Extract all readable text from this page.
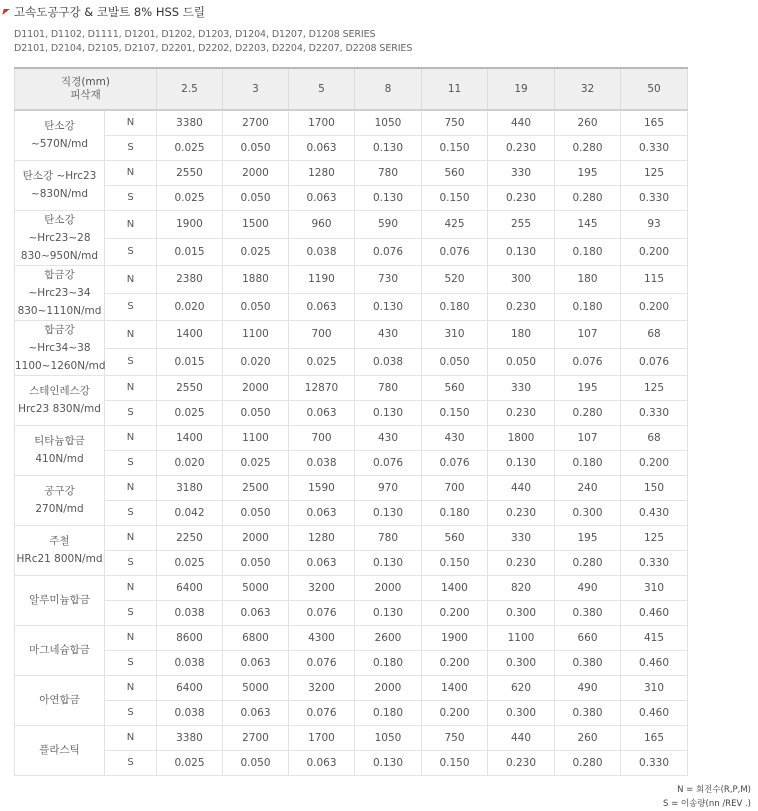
고속도공구강 & 코발트 8% HSS 드릴
D1101, D1102, D1111, D1201, D1202, D1203, D1204, D1207, D1208 SERIES
D2101, D2104, D2105, D2107, D2201, D2202, D2203, D2204, D2207, D2208 SERIES
직경(mm)
피삭재		2.5	3	5	8	11	19	32	50

탄소강
~570N/md	N	3380	2700	1700	1050	750	440	260	165
	S	0.025	0.050	0.063	0.130	0.150	0.230	0.280	0.330

탄소강 ~Hrc23
~830N/md	N	2550	2000	1280	780	560	330	195	125
	S	0.025	0.050	0.063	0.130	0.150	0.230	0.280	0.330

탄소강
~Hrc23~28
830~950N/md	N	1900	1500	960	590	425	255	145	93
	S	0.015	0.025	0.038	0.076	0.076	0.130	0.180	0.200

합금강
~Hrc23~34
830~1110N/md	N	2380	1880	1190	730	520	300	180	115
	S	0.020	0.050	0.063	0.130	0.180	0.230	0.180	0.200

합금강
~Hrc34~38
1100~1260N/md	N	1400	1100	700	430	310	180	107	68
	S	0.015	0.020	0.025	0.038	0.050	0.050	0.076	0.076

스테인레스강
Hrc23 830N/md	N	2550	2000	12870	780	560	330	195	125
	S	0.025	0.050	0.063	0.130	0.150	0.230	0.280	0.330

티타늄합금
410N/md	N	1400	1100	700	430	430	1800	107	68
	S	0.020	0.025	0.038	0.076	0.076	0.130	0.180	0.200

공구강
270N/md	N	3180	2500	1590	970	700	440	240	150
	S	0.042	0.050	0.063	0.130	0.180	0.230	0.300	0.430

주철
HRc21 800N/md	N	2250	2000	1280	780	560	330	195	125
	S	0.025	0.050	0.063	0.130	0.150	0.230	0.280	0.330

알루미늄합금	N	6400	5000	3200	2000	1400	820	490	310
	S	0.038	0.063	0.076	0.130	0.200	0.300	0.380	0.460

마그네슘합금	N	8600	6800	4300	2600	1900	1100	660	415
	S	0.038	0.063	0.076	0.180	0.200	0.300	0.380	0.460

아연합금	N	6400	5000	3200	2000	1400	620	490	310
	S	0.038	0.063	0.076	0.180	0.200	0.300	0.380	0.460

플라스틱	N	3380	2700	1700	1050	750	440	260	165
	S	0.025	0.050	0.063	0.130	0.150	0.230	0.280	0.330
N = 회전수(R,P,M)
S = 이송량(nn /REV .)
